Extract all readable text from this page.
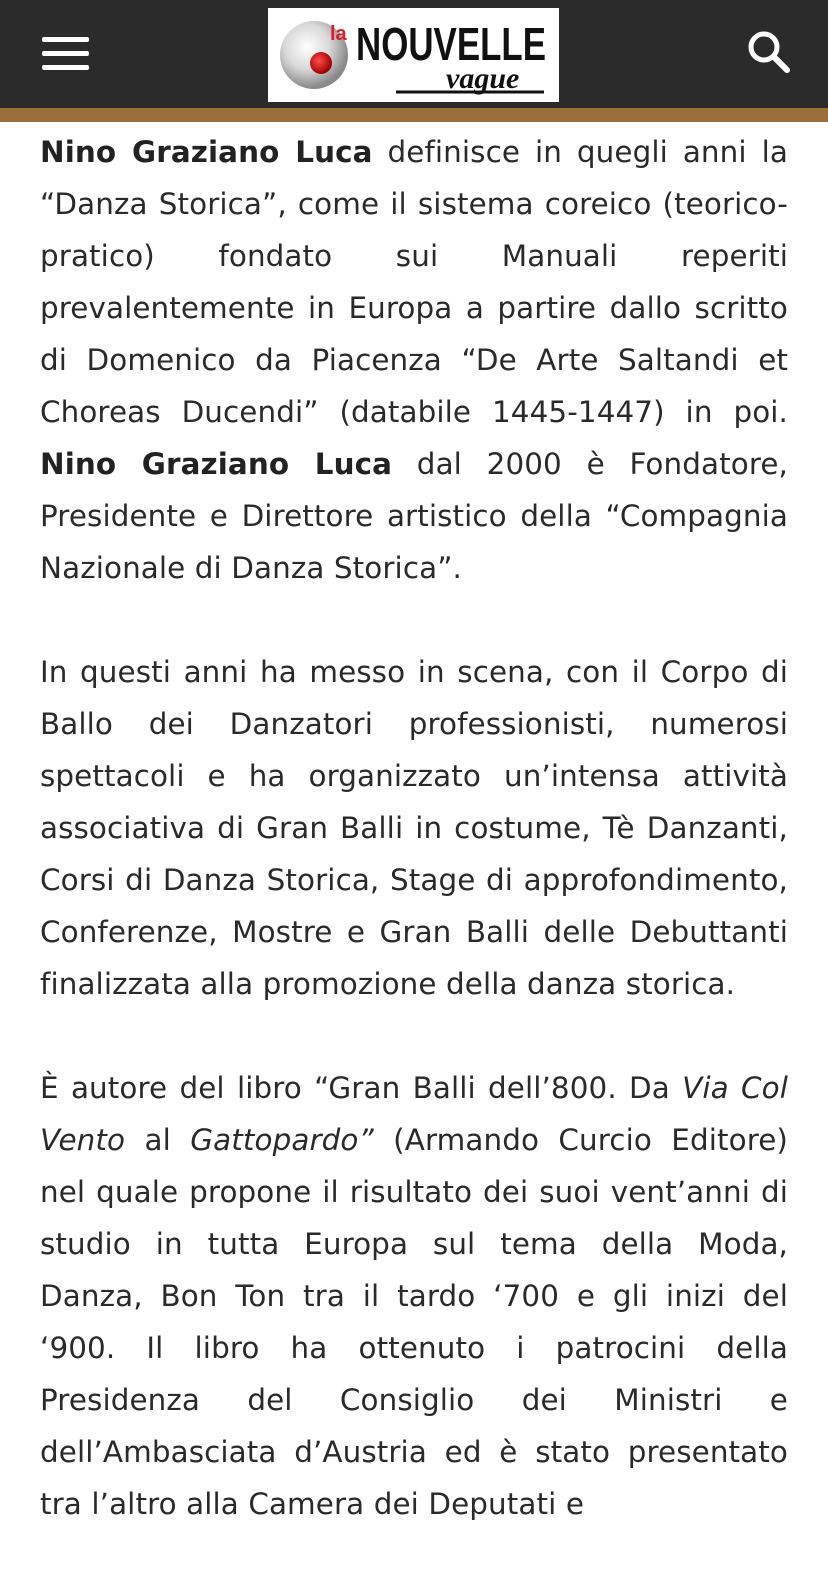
la NOUVELLE
vague

Nino Graziano Luca definisce in quegli anni la “Danza Storica”, come il sistema coreico (teorico-pratico) fondato sui Manuali reperiti prevalentemente in Europa a partire dallo scritto di Domenico da Piacenza “De Arte Saltandi et Choreas Ducendi” (databile 1445-1447) in poi. Nino Graziano Luca dal 2000 è Fondatore, Presidente e Direttore artistico della “Compagnia Nazionale di Danza Storica”.

In questi anni ha messo in scena, con il Corpo di Ballo dei Danzatori professionisti, numerosi spettacoli e ha organizzato un’intensa attività associativa di Gran Balli in costume, Tè Danzanti, Corsi di Danza Storica, Stage di approfondimento, Conferenze, Mostre e Gran Balli delle Debuttanti finalizzata alla promozione della danza storica.

È autore del libro “Gran Balli dell’800. Da Via Col Vento al Gattopardo” (Armando Curcio Editore) nel quale propone il risultato dei suoi vent’anni di studio in tutta Europa sul tema della Moda, Danza, Bon Ton tra il tardo ‘700 e gli inizi del ‘900. Il libro ha ottenuto i patrocini della Presidenza del Consiglio dei Ministri e dell’Ambasciata d’Austria ed è stato presentato tra l’altro alla Camera dei Deputati e
